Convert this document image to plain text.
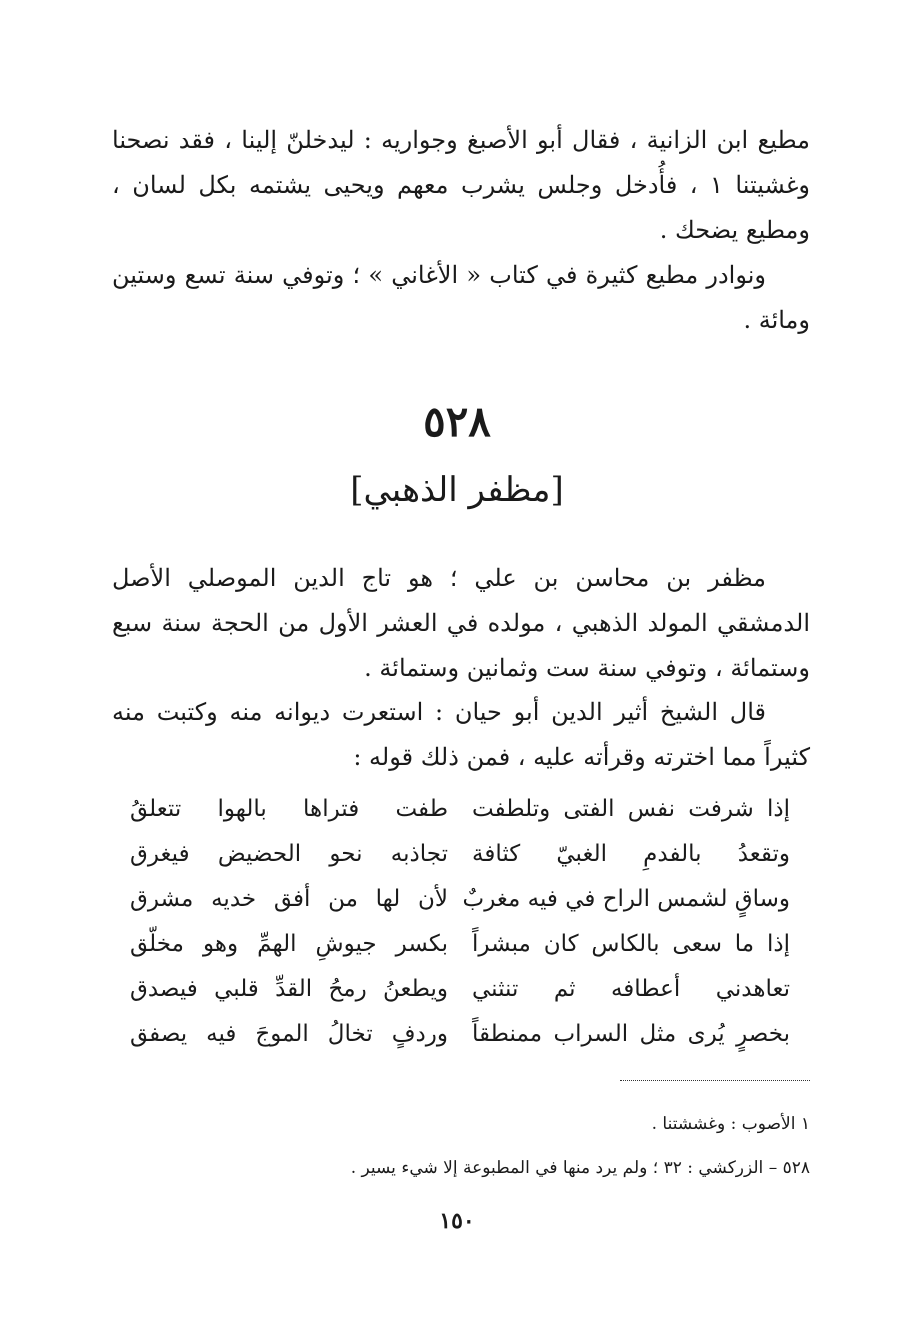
مطيع ابن الزانية ، فقال أبو الأصبغ وجواريه : ليدخلنّ إلينا ، فقد نصحنا وغشيتنا ١ ، فأُدخل وجلس يشرب معهم ويحيى يشتمه بكل لسان ، ومطيع يضحك .
ونوادر مطيع كثيرة في كتاب « الأغاني » ؛ وتوفي سنة تسع وستين ومائة .
٥٢٨
[مظفر الذهبي]
مظفر بن محاسن بن علي ؛ هو تاج الدين الموصلي الأصل الدمشقي المولد الذهبي ، مولده في العشر الأول من الحجة سنة سبع وستمائة ، وتوفي سنة ست وثمانين وستمائة .
قال الشيخ أثير الدين أبو حيان : استعرت ديوانه منه وكتبت منه كثيراً مما اخترته وقرأته عليه ، فمن ذلك قوله :
إذا شرفت نفس الفتى وتلطفت
طفت فتراها بالهوا تتعلقُ
وتقعدُ بالفدمِ الغبيّ كثافة
تجاذبه نحو الحضيض فيغرق
وساقٍ لشمس الراح في فيه مغربٌ
لأن لها من أفق خديه مشرق
إذا ما سعى بالكاس كان مبشراً
بكسر جيوشِ الهمِّ وهو مخلّق
تعاهدني أعطافه ثم تنثني
ويطعنُ رمحُ القدِّ قلبي فيصدق
بخصرٍ يُرى مثل السراب ممنطقاً
وردفٍ تخالُ الموجَ فيه يصفق
١ الأصوب : وغششتنا .
٥٢٨ – الزركشي : ٣٢ ؛ ولم يرد منها في المطبوعة إلا شيء يسير .
١٥٠
